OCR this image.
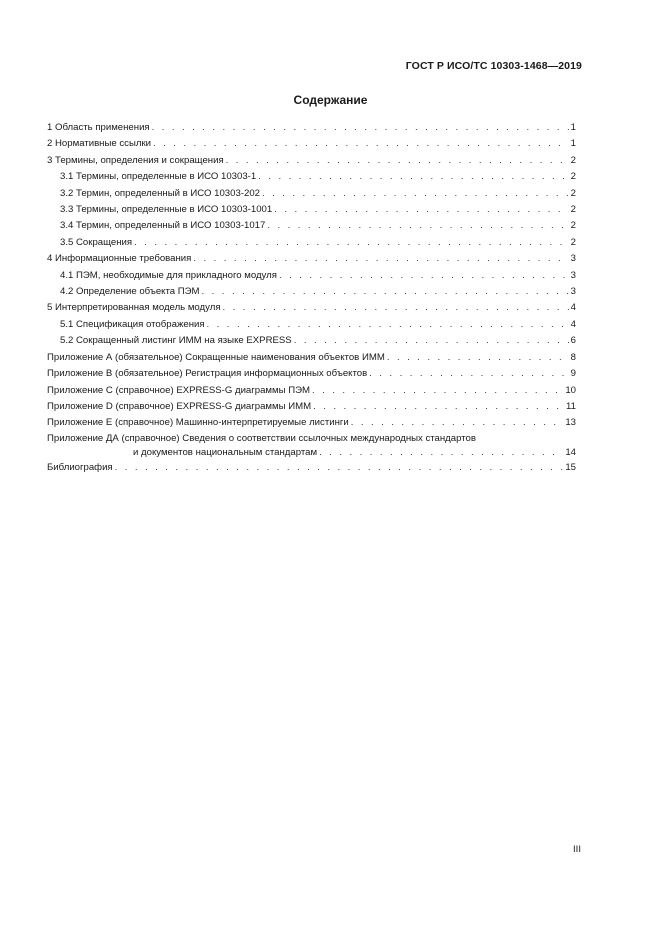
ГОСТ Р ИСО/ТС 10303-1468—2019
Содержание
1 Область применения . . .	1
2 Нормативные ссылки . . .	1
3 Термины, определения и сокращения . . .	2
3.1 Термины, определенные в ИСО 10303-1 . . .	2
3.2 Термин, определенный в ИСО 10303-202 . . .	2
3.3 Термины, определенные в ИСО 10303-1001 . . .	2
3.4 Термин, определенный в ИСО 10303-1017 . . .	2
3.5 Сокращения . . .	2
4 Информационные требования . . .	3
4.1 ПЭМ, необходимые для прикладного модуля . . .	3
4.2 Определение объекта ПЭМ . . .	3
5 Интерпретированная модель модуля . . .	4
5.1 Спецификация отображения . . .	4
5.2 Сокращенный листинг ИММ на языке EXPRESS . . .	6
Приложение А (обязательное) Сокращенные наименования объектов ИММ . . .	8
Приложение В (обязательное) Регистрация информационных объектов . . .	9
Приложение С (справочное) EXPRESS-G диаграммы ПЭМ . . .	10
Приложение D (справочное) EXPRESS-G диаграммы ИММ . . .	11
Приложение Е (справочное) Машинно-интерпретируемые листинги . . .	13
Приложение ДА (справочное) Сведения о соответствии ссылочных международных стандартов
и документов национальным стандартам . . .	14
Библиография . . .	15
III
